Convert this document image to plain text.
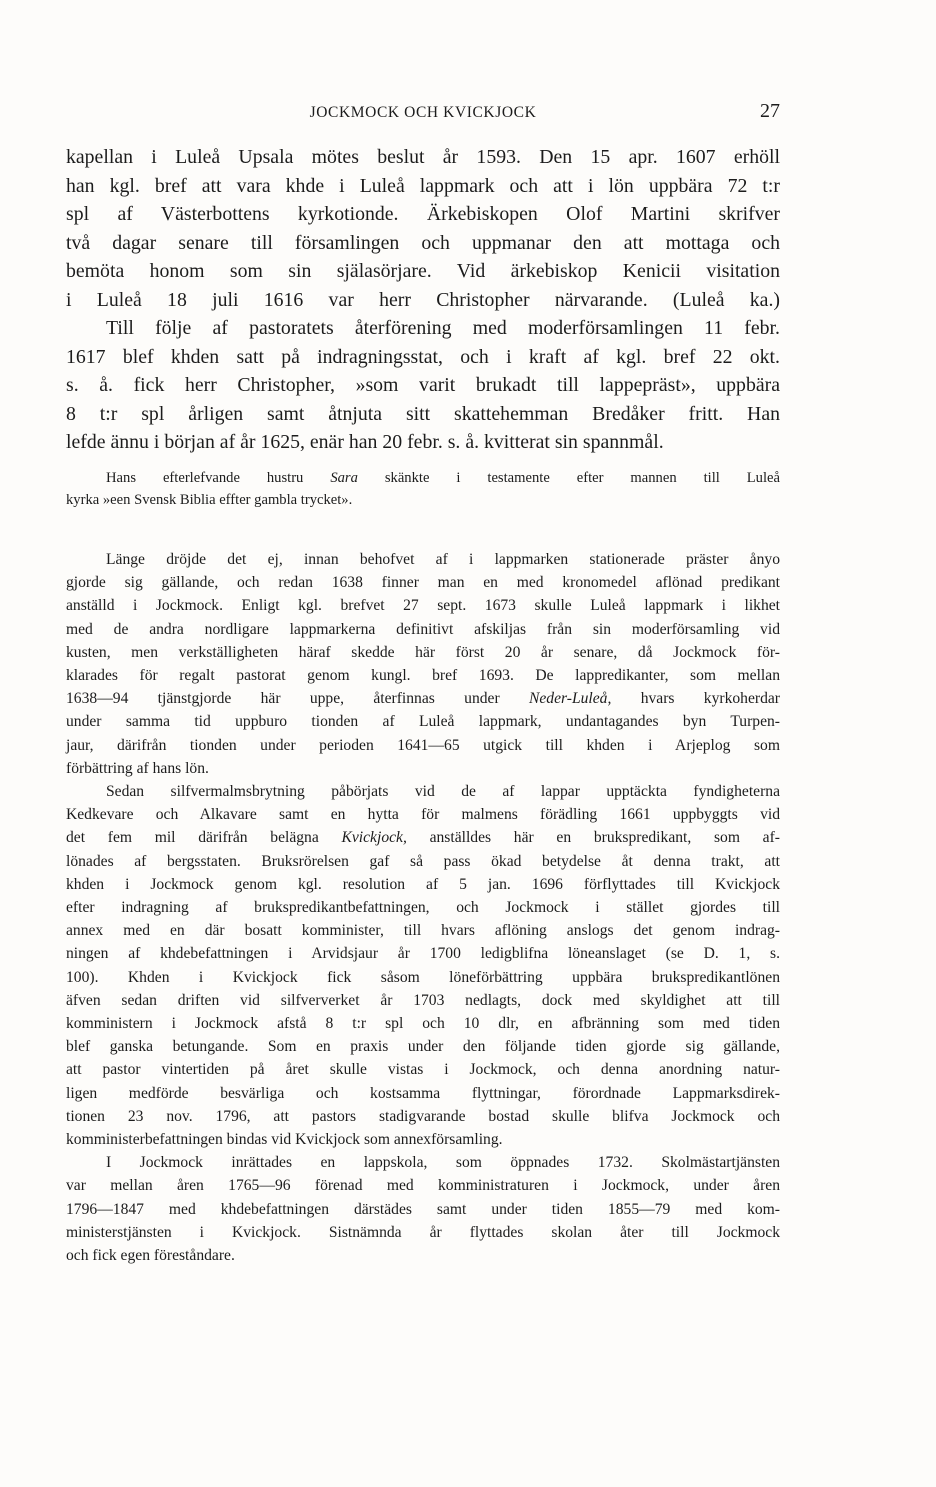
JOCKMOCK OCH KVICKJOCK	27

kapellan i Luleå Upsala mötes beslut år 1593. Den 15 apr. 1607 erhöll
han kgl. bref att vara khde i Luleå lappmark och att i lön uppbära 72 t:r
spl af Västerbottens kyrkotionde. Ärkebiskopen Olof Martini skrifver
två dagar senare till församlingen och uppmanar den att mottaga och
bemöta honom som sin själasörjare. Vid ärkebiskop Kenicii visitation
i Luleå 18 juli 1616 var herr Christopher närvarande. (Luleå ka.)
Till följe af pastoratets återförening med moderförsamlingen 11 febr.
1617 blef khden satt på indragningsstat, och i kraft af kgl. bref 22 okt.
s. å. fick herr Christopher, »som varit brukadt till lappepräst», uppbära
8 t:r spl årligen samt åtnjuta sitt skattehemman Bredåker fritt. Han
lefde ännu i början af år 1625, enär han 20 febr. s. å. kvitterat sin spannmål.

Hans efterlefvande hustru Sara skänkte i testamente efter mannen till Luleå
kyrka »een Svensk Biblia effter gambla trycket».

Länge dröjde det ej, innan behofvet af i lappmarken stationerade präster ånyo
gjorde sig gällande, och redan 1638 finner man en med kronomedel aflönad predikant
anställd i Jockmock. Enligt kgl. brefvet 27 sept. 1673 skulle Luleå lappmark i likhet
med de andra nordligare lappmarkerna definitivt afskiljas från sin moderförsamling vid
kusten, men verkställigheten häraf skedde här först 20 år senare, då Jockmock för-
klarades för regalt pastorat genom kungl. bref 1693. De lappredikanter, som mellan
1638—94 tjänstgjorde här uppe, återfinnas under Neder-Luleå, hvars kyrkoherdar
under samma tid uppburo tionden af Luleå lappmark, undantagandes byn Turpen-
jaur, därifrån tionden under perioden 1641—65 utgick till khden i Arjeplog som
förbättring af hans lön.

Sedan silfvermalmsbrytning påbörjats vid de af lappar upptäckta fyndigheterna
Kedkevare och Alkavare samt en hytta för malmens förädling 1661 uppbyggts vid
det fem mil därifrån belägna Kvickjock, anställdes här en brukspredikant, som af-
lönades af bergsstaten. Bruksrörelsen gaf så pass ökad betydelse åt denna trakt, att
khden i Jockmock genom kgl. resolution af 5 jan. 1696 förflyttades till Kvickjock
efter indragning af brukspredikantbefattningen, och Jockmock i stället gjordes till
annex med en där bosatt komminister, till hvars aflöning anslogs det genom indrag-
ningen af khdebefattningen i Arvidsjaur år 1700 ledigblifna löneanslaget (se D. 1, s.
100). Khden i Kvickjock fick såsom lönеförbättring uppbära brukspredikantlönen
äfven sedan driften vid silfververket år 1703 nedlagts, dock med skyldighet att till
komministern i Jockmock afstå 8 t:r spl och 10 dlr, en afbränning som med tiden
blef ganska betungande. Som en praxis under den följande tiden gjorde sig gällande,
att pastor vintertiden på året skulle vistas i Jockmock, och denna anordning natur-
ligen medförde besvärliga och kostsamma flyttningar, förordnade Lappmarksdirek-
tionen 23 nov. 1796, att pastors stadigvarande bostad skulle blifva Jockmock och
komministerbefattningen bindas vid Kvickjock som annexförsamling.

I Jockmock inrättades en lappskola, som öppnades 1732. Skolmästartjänsten
var mellan åren 1765—96 förenad med komministraturen i Jockmock, under åren
1796—1847 med khdebefattningen därstädes samt under tiden 1855—79 med kom-
ministerstjänsten i Kvickjock. Sistnämnda år flyttades skolan åter till Jockmock
och fick egen föreståndare.
